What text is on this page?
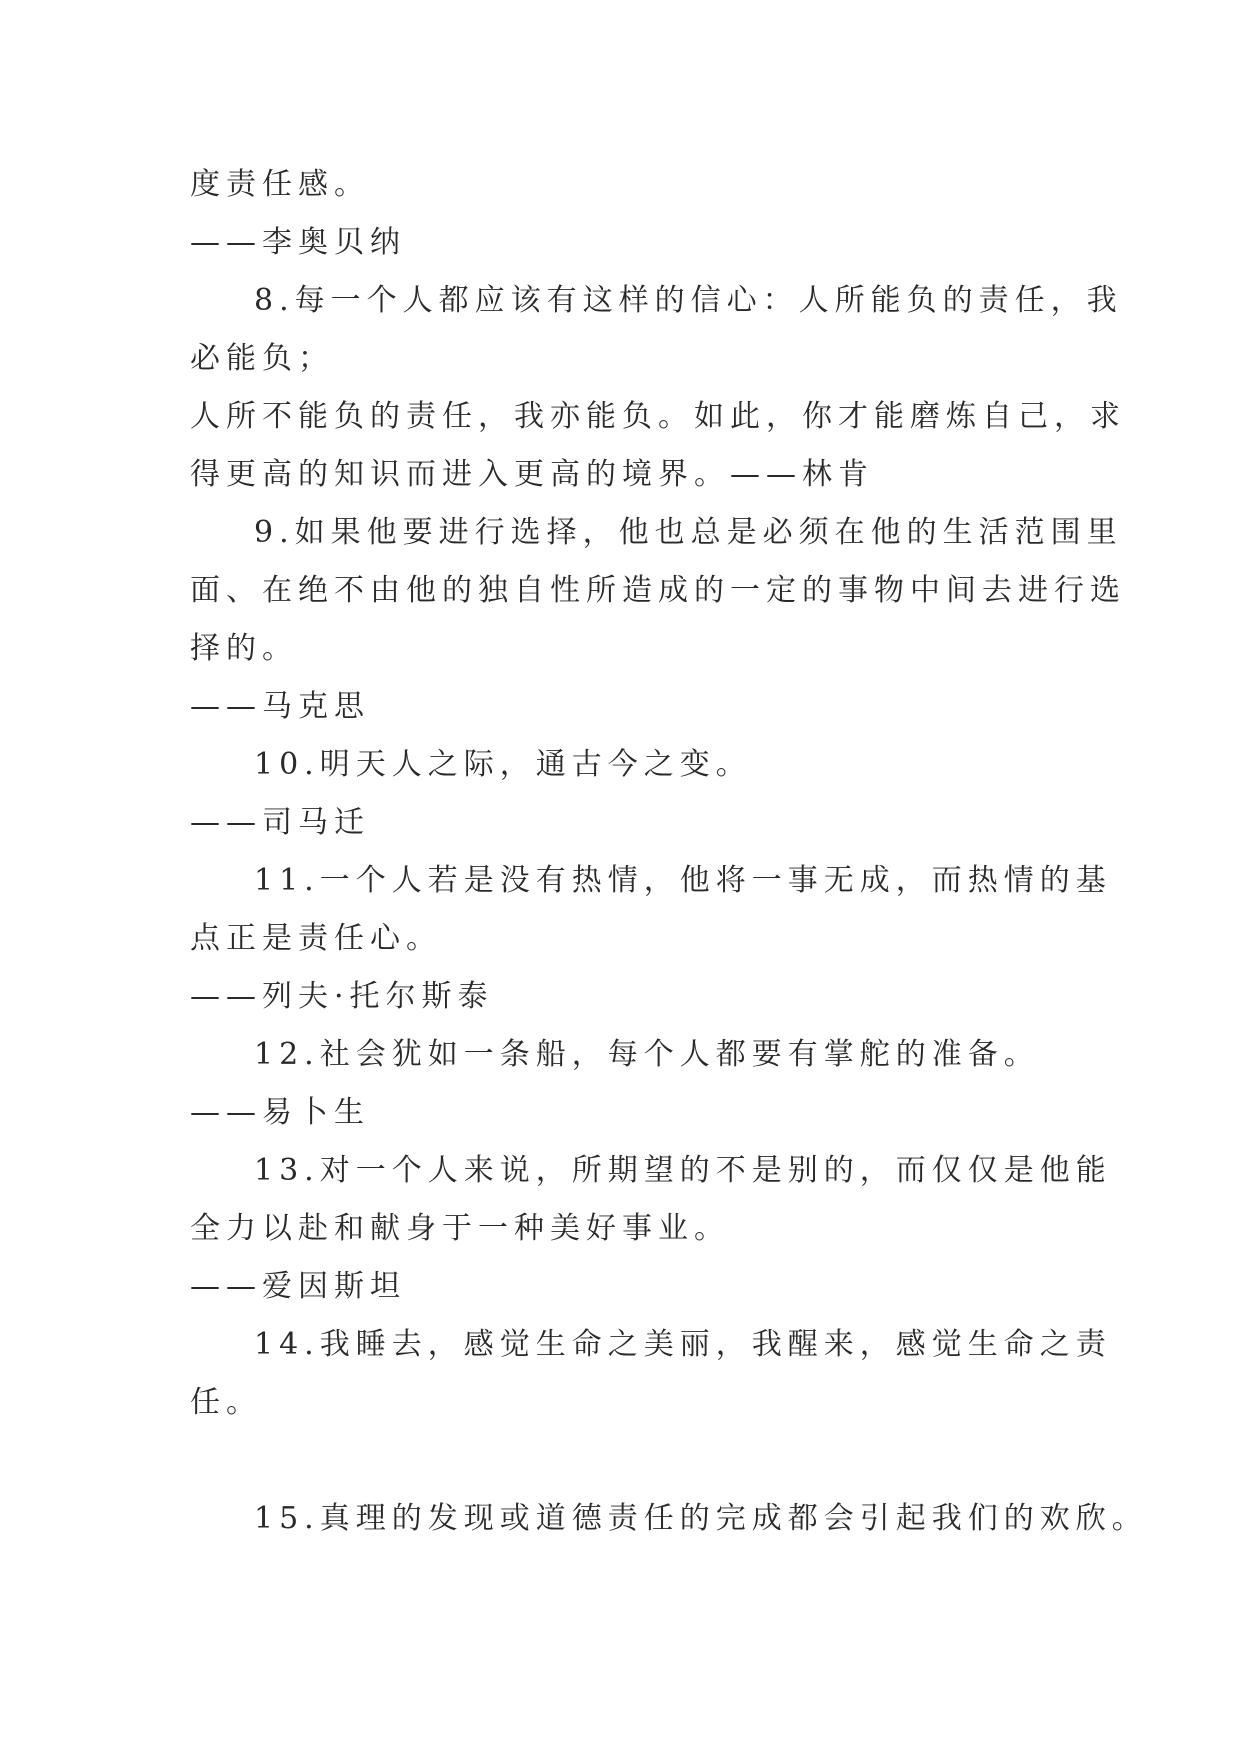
度责任感。
——李奥贝纳
8.每一个人都应该有这样的信心：人所能负的责任，我
必能负；
人所不能负的责任，我亦能负。如此，你才能磨炼自己，求
得更高的知识而进入更高的境界。——林肯
9.如果他要进行选择，他也总是必须在他的生活范围里
面、在绝不由他的独自性所造成的一定的事物中间去进行选
择的。
——马克思
10.明天人之际，通古今之变。
——司马迁
11.一个人若是没有热情，他将一事无成，而热情的基
点正是责任心。
——列夫·托尔斯泰
12.社会犹如一条船，每个人都要有掌舵的准备。
——易卜生
13.对一个人来说，所期望的不是别的，而仅仅是他能
全力以赴和献身于一种美好事业。
——爱因斯坦
14.我睡去，感觉生命之美丽，我醒来，感觉生命之责
任。
15.真理的发现或道德责任的完成都会引起我们的欢欣。
